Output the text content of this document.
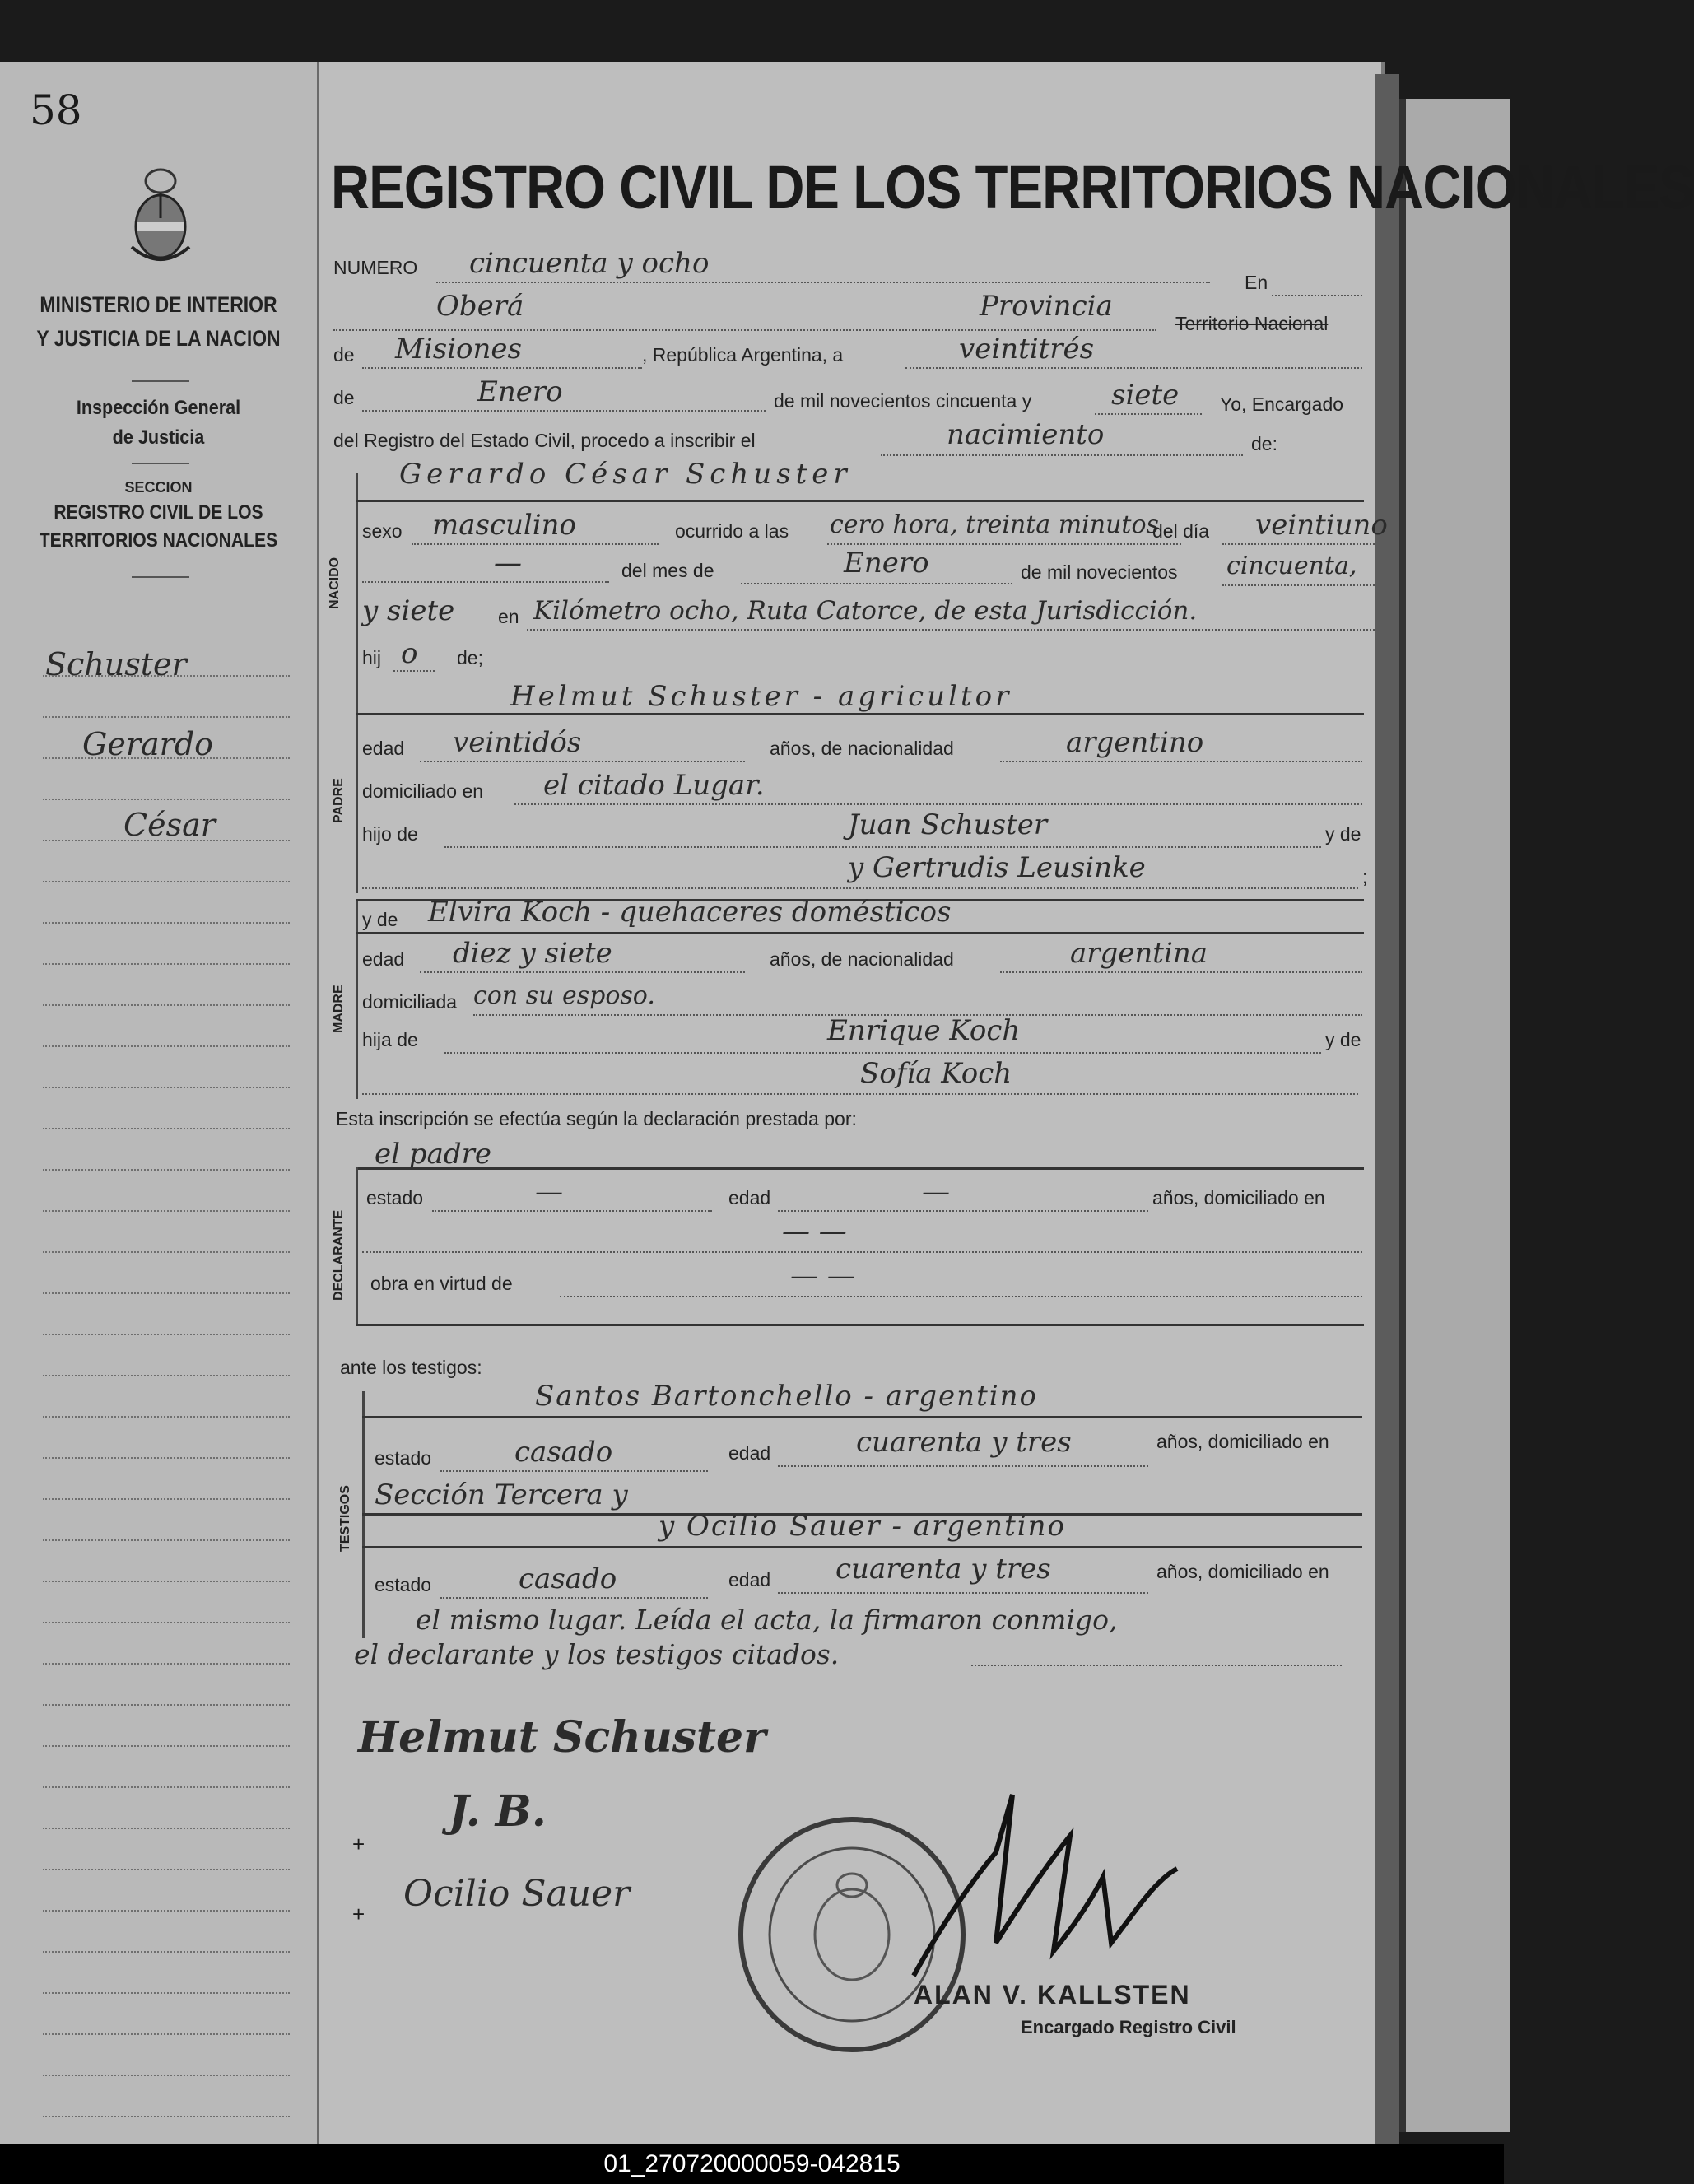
58
MINISTERIO DE INTERIOR
Y JUSTICIA DE LA NACION
Inspección General
de Justicia
SECCION
REGISTRO CIVIL DE LOS
TERRITORIOS NACIONALES
Schuster
Gerardo
César
REGISTRO CIVIL DE LOS TERRITORIOS NACIONALES
NUMERO cincuenta y ocho
En
Oberá	Provincia
Territorio Nacional
de Misiones	, República Argentina, a	veintitrés
de	Enero	de mil novecientos cincuenta y	siete Yo, Encargado
del Registro del Estado Civil, procedo a inscribir el	nacimiento	de:
NACIDO
Gerardo César Schuster
sexo masculino	ocurrido a las cero hora, treinta minutos
del día veintiuno
—	del mes de	Enero	de mil novecientos cincuenta,
y siete en Kilómetro ocho, Ruta Catorce, de esta Jurisdicción.
hij o de;
PADRE
Helmut Schuster - agricultor
edad veintidós	años, de nacionalidad	argentino
domiciliado en el citado Lugar.
hijo de	Juan Schuster	y de
y Gertrudis Leusinke	;
MADRE
y de Elvira Koch - quehaceres domésticos
edad diez y siete	años, de nacionalidad	argentina
domiciliada con su esposo.
hija de	Enrique Koch	y de
Sofía Koch
Esta inscripción se efectúa según la declaración prestada por:
el padre
DECLARANTE
estado	—	edad	—	años, domiciliado en
— —
obra en virtud de	— —
ante los testigos:
TESTIGOS
Santos Bartonchello - argentino
estado	casado	edad	cuarenta y tres	años, domiciliado en
Sección Tercera y
y Ocilio Sauer - argentino
estado	casado	edad cuarenta y tres	años, domiciliado en
el mismo lugar. Leída el acta, la firmaron conmigo,
el declarante y los testigos citados.
Helmut Schuster
J. B.
Ocilio Sauer
+
+
ALAN V. KALLSTEN
Encargado Registro Civil
01_270720000059-042815
